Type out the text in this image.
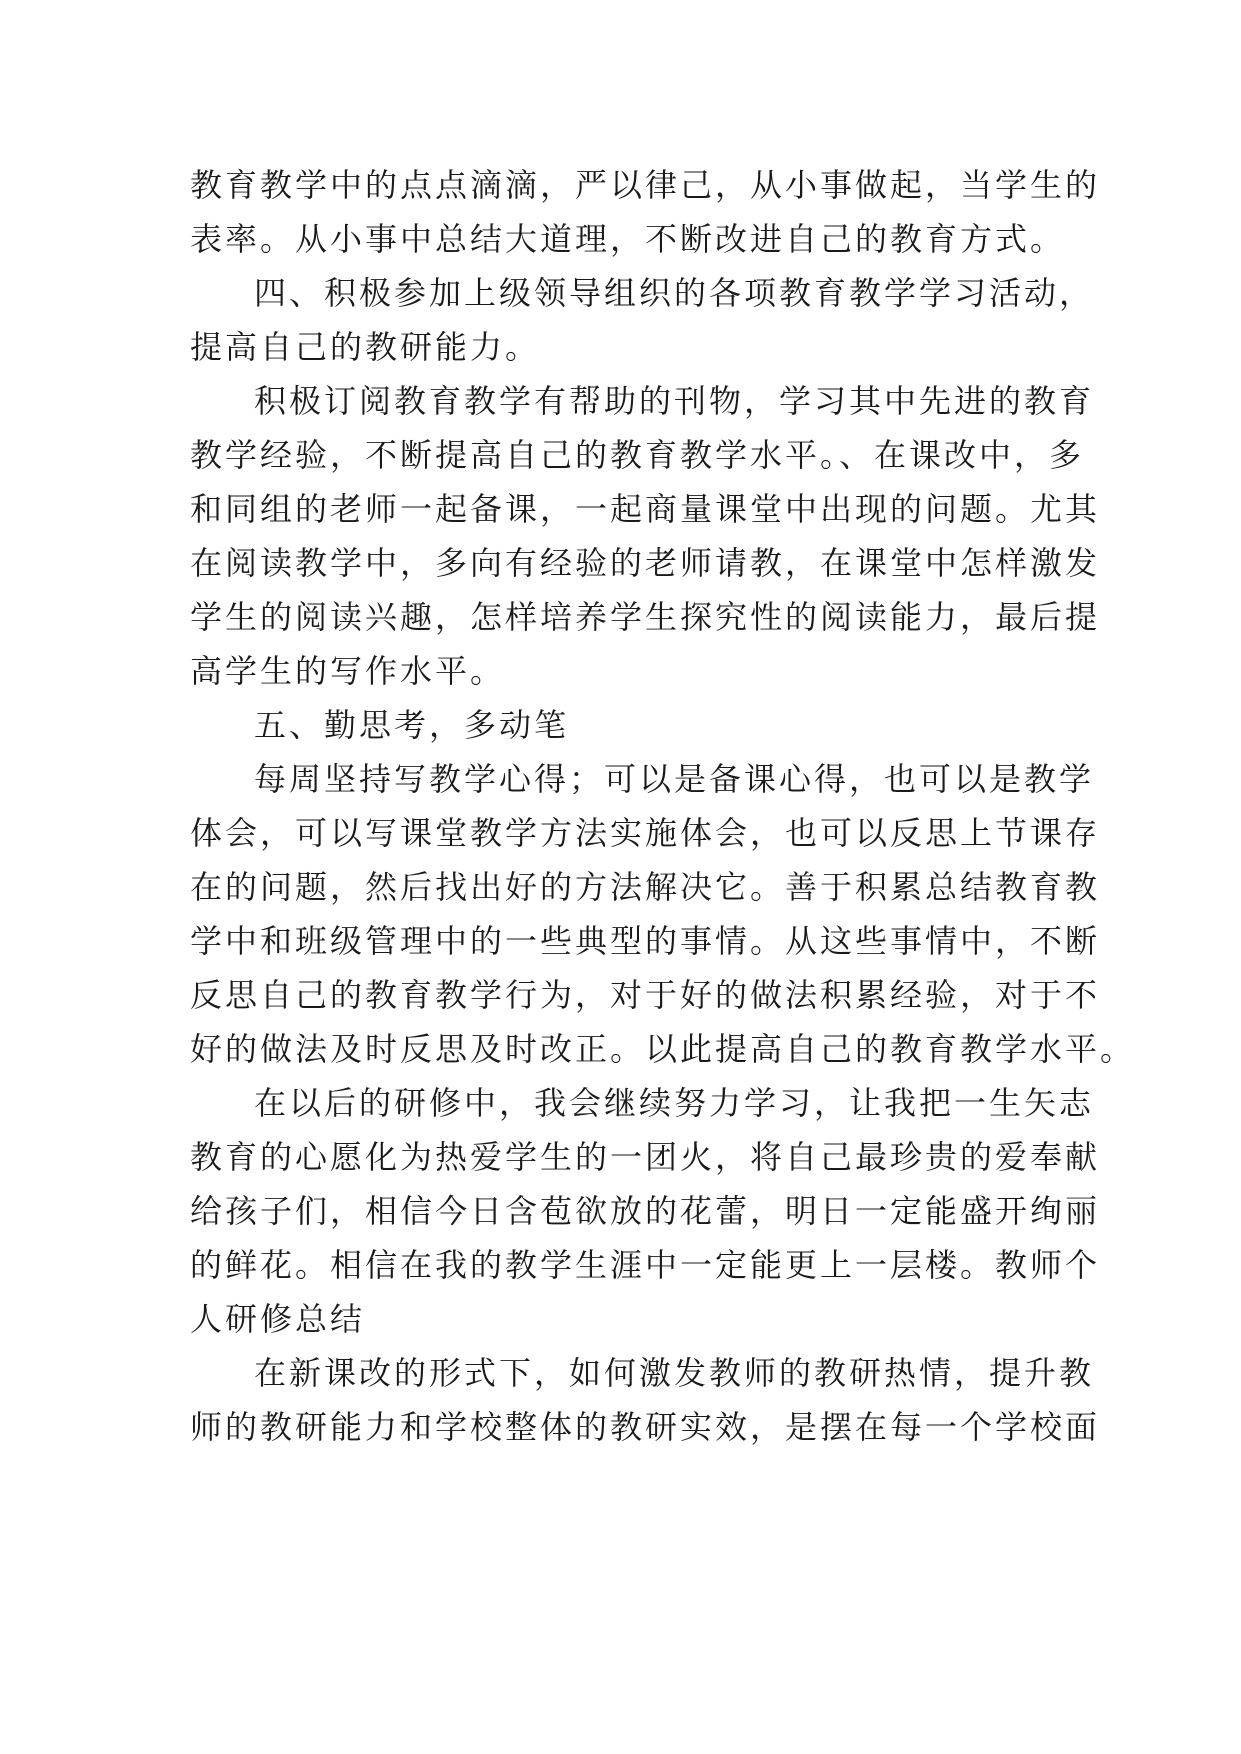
教育教学中的点点滴滴，严以律己，从小事做起，当学生的
表率。从小事中总结大道理，不断改进自己的教育方式。
四、积极参加上级领导组织的各项教育教学学习活动，
提高自己的教研能力。
积极订阅教育教学有帮助的刊物，学习其中先进的教育
教学经验，不断提高自己的教育教学水平。、在课改中，多
和同组的老师一起备课，一起商量课堂中出现的问题。尤其
在阅读教学中，多向有经验的老师请教，在课堂中怎样激发
学生的阅读兴趣，怎样培养学生探究性的阅读能力，最后提
高学生的写作水平。
五、勤思考，多动笔
每周坚持写教学心得；可以是备课心得，也可以是教学
体会，可以写课堂教学方法实施体会，也可以反思上节课存
在的问题，然后找出好的方法解决它。善于积累总结教育教
学中和班级管理中的一些典型的事情。从这些事情中，不断
反思自己的教育教学行为，对于好的做法积累经验，对于不
好的做法及时反思及时改正。以此提高自己的教育教学水平。
在以后的研修中，我会继续努力学习，让我把一生矢志
教育的心愿化为热爱学生的一团火，将自己最珍贵的爱奉献
给孩子们，相信今日含苞欲放的花蕾，明日一定能盛开绚丽
的鲜花。相信在我的教学生涯中一定能更上一层楼。教师个
人研修总结
在新课改的形式下，如何激发教师的教研热情，提升教
师的教研能力和学校整体的教研实效，是摆在每一个学校面
